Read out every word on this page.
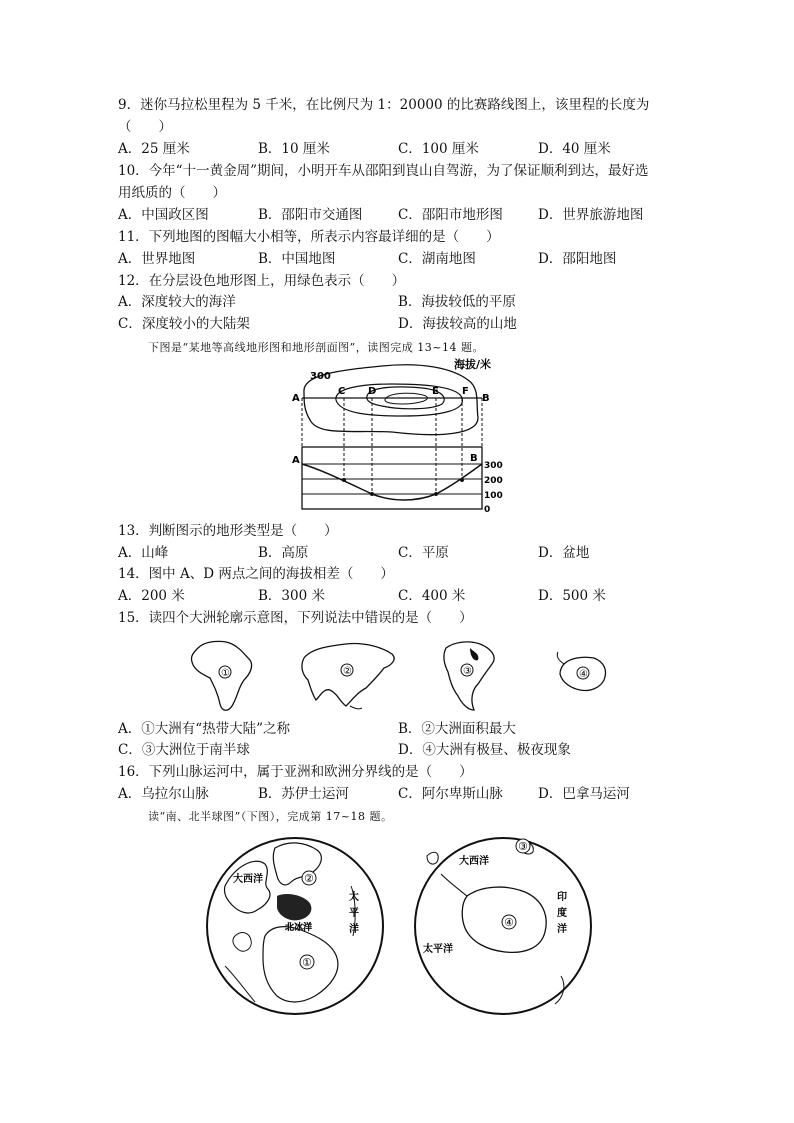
9．迷你马拉松里程为 5 千米，在比例尺为 1：20000 的比赛路线图上，该里程的长度为
（　　）
A．25 厘米	B．10 厘米	C．100 厘米	D．40 厘米
10．今年“十一黄金周”期间，小明开车从邵阳到崀山自驾游，为了保证顺利到达，最好选
用纸质的（　　）
A．中国政区图	B．邵阳市交通图	C．邵阳市地形图	D．世界旅游地图
11．下列地图的图幅大小相等，所表示内容最详细的是（　　）
A．世界地图	B．中国地图	C．湖南地图	D．邵阳地图
12．在分层设色地形图上，用绿色表示（　　）
A．深度较大的海洋	B．海拔较低的平原
C．深度较小的大陆架	D．海拔较高的山地
下图是“某地等高线地形图和地形剖面图”，读图完成 13~14 题。
海拔/米
300
A
C D	E F
B
A	B
300
200
100
0
13．判断图示的地形类型是（　　）
A．山峰	B．高原	C．平原	D．盆地
14．图中 A、D 两点之间的海拔相差（　　）
A．200 米	B．300 米	C．400 米	D．500 米
15．读四个大洲轮廓示意图，下列说法中错误的是（　　）
①	②	③	④
A．①大洲有“热带大陆”之称	B．②大洲面积最大
C．③大洲位于南半球	D．④大洲有极昼、极夜现象
16．下列山脉运河中，属于亚洲和欧洲分界线的是（　　）
A．乌拉尔山脉	B．苏伊士运河	C．阿尔卑斯山脉	D．巴拿马运河
读“南、北半球图”（下图），完成第 17~18 题。
大西洋
太
平
洋
北冰洋
②
①
大西洋
印
度
洋
太平洋
③
④
